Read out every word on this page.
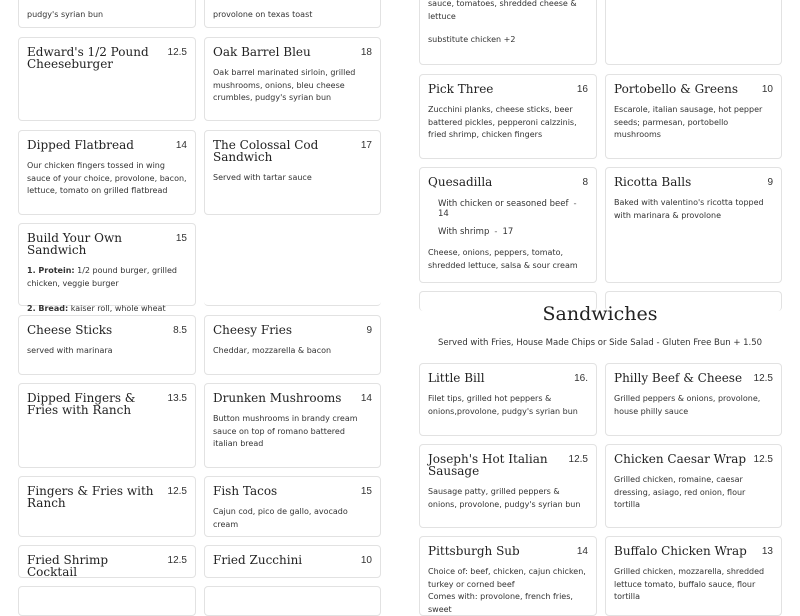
pudgy's syrian bun	provolone on texas toast
Edward's 1/2 Pound Cheeseburger
12.5 Oak Barrel Bleu	18
Oak barrel marinated sirloin, grilled mushrooms, onions, bleu cheese crumbles, pudgy's syrian bun
Dipped Flatbread	14
Our chicken fingers tossed in wing sauce of your choice, provolone, bacon, lettuce, tomato on grilled flatbread
The Colossal Cod Sandwich
17
Served with tartar sauce
Build Your Own Sandwich
15
1. Protein: 1/2 pound burger, grilled chicken, veggie burger

2. Bread: kaiser roll, whole wheat
Cheese Sticks	8.5
served with marinara
Cheesy Fries	9
Cheddar, mozzarella & bacon
Dipped Fingers & Fries with Ranch
13.5 Drunken Mushrooms	14
Button mushrooms in brandy cream sauce on top of romano battered italian bread
Fingers & Fries with Ranch
12.5 Fish Tacos	15
Cajun cod, pico de gallo, avocado cream
Fried Shrimp Cocktail
12.5 Fried Zucchini	10
sauce, tomatoes, shredded cheese & lettuce
substitute chicken +2
Pick Three	16
Zucchini planks, cheese sticks, beer battered pickles, pepperoni calzzinis, fried shrimp, chicken fingers
Portobello & Greens	10
Escarole, italian sausage, hot pepper seeds; parmesan, portobello mushrooms
Quesadilla	8
With chicken or seasoned beef -14
With shrimp - 17
Cheese, onions, peppers, tomato, shredded lettuce, salsa & sour cream
Ricotta Balls	9
Baked with valentino's ricotta topped with marinara & provolone
Sandwiches
Served with Fries, House Made Chips or Side Salad - Gluten Free Bun + 1.50
Little Bill	16.
Filet tips, grilled hot peppers & onions,provolone, pudgy's syrian bun
Philly Beef & Cheese	12.5
Grilled peppers & onions, provolone, house philly sauce
Joseph's Hot Italian Sausage
12.5
Sausage patty, grilled peppers & onions, provolone, pudgy's syrian bun
Chicken Caesar Wrap 12.5
Grilled chicken, romaine, caesar dressing, asiago, red onion, flour tortilla
Pittsburgh Sub	14
Choice of: beef, chicken, cajun chicken, turkey or corned beef
Comes with: provolone, french fries, sweet
Buffalo Chicken Wrap	13
Grilled chicken, mozzarella, shredded lettuce tomato, buffalo sauce, flour tortilla
